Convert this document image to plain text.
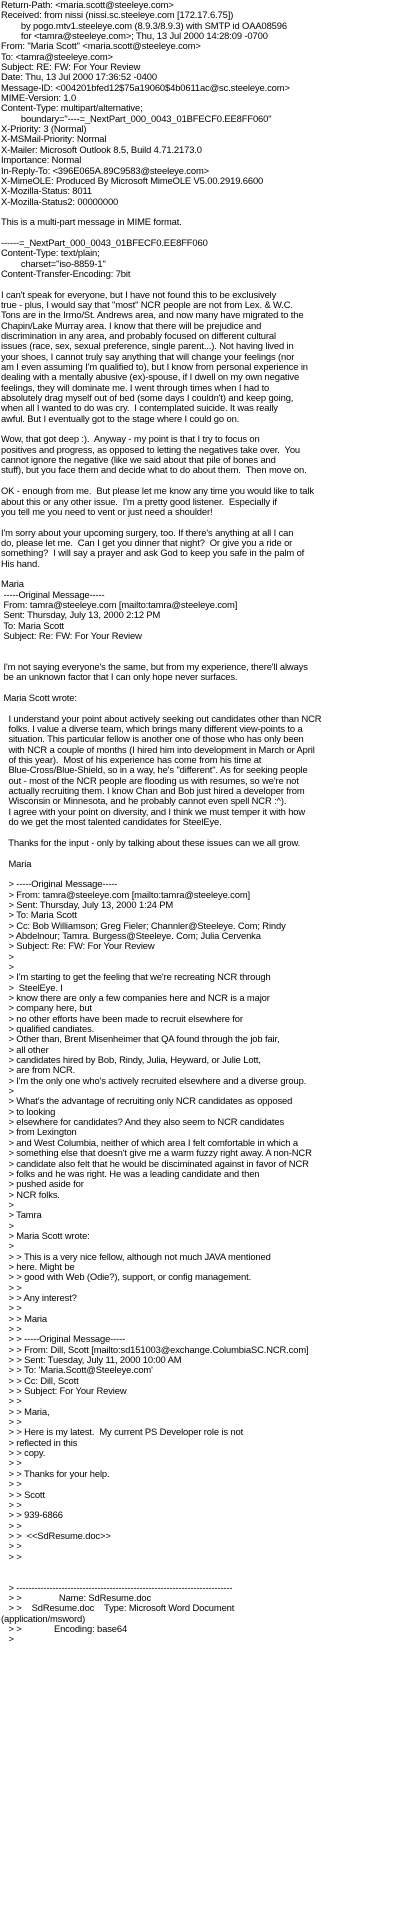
Return-Path: <maria.scott@steeleye.com>
Received: from nissi (nissi.sc.steeleye.com [172.17.6.75])
by pogo.mtv1.steeleye.com (8.9.3/8.9.3) with SMTP id OAA08596
for <tamra@steeleye.com>; Thu, 13 Jul 2000 14:28:09 -0700
From: "Maria Scott" <maria.scott@steeleye.com>
To: <tamra@steeleye.com>
Subject: RE: FW: For Your Review
Date: Thu, 13 Jul 2000 17:36:52 -0400
Message-ID: <004201bfed12$75a19060$4b0611ac@sc.steeleye.com>
MIME-Version: 1.0
Content-Type: multipart/alternative;
boundary="----=_NextPart_000_0043_01BFECF0.EE8FF060"
X-Priority: 3 (Normal)
X-MSMail-Priority: Normal
X-Mailer: Microsoft Outlook 8.5, Build 4.71.2173.0
Importance: Normal
In-Reply-To: <396E065A.89C9583@steeleye.com>
X-MimeOLE: Produced By Microsoft MimeOLE V5.00.2919.6600
X-Mozilla-Status: 8011
X-Mozilla-Status2: 00000000
This is a multi-part message in MIME format.
------=_NextPart_000_0043_01BFECF0.EE8FF060
Content-Type: text/plain;
charset="iso-8859-1"
Content-Transfer-Encoding: 7bit
I can't speak for everyone, but I have not found this to be exclusively
true - plus, I would say that "most" NCR people are not from Lex. & W.C.
Tons are in the Irmo/St. Andrews area, and now many have migrated to the
Chapin/Lake Murray area. I know that there will be prejudice and
discrimination in any area, and probably focused on different cultural
issues (race, sex, sexual preference, single parent...). Not having lived in
your shoes, I cannot truly say anything that will change your feelings (nor
am I even assuming I'm qualified to), but I know from personal experience in
dealing with a mentally abusive (ex)-spouse, if I dwell on my own negative
feelings, they will dominate me. I went through times when I had to
absolutely drag myself out of bed (some days I couldn't) and keep going,
when all I wanted to do was cry.  I contemplated suicide. It was really
awful. But I eventually got to the stage where I could go on.
Wow, that got deep :).  Anyway - my point is that I try to focus on
positives and progress, as opposed to letting the negatives take over.  You
cannot ignore the negative (like we said about that pile of bones and
stuff), but you face them and decide what to do about them.  Then move on.
OK - enough from me.  But please let me know any time you would like to talk
about this or any other issue.  I'm a pretty good listener.  Especially if
you tell me you need to vent or just need a shoulder!
I'm sorry about your upcoming surgery, too. If there's anything at all I can
do, please let me.  Can I get you dinner that night?  Or give you a ride or
something?  I will say a prayer and ask God to keep you safe in the palm of
His hand.
Maria
-----Original Message-----
From: tamra@steeleye.com [mailto:tamra@steeleye.com]
Sent: Thursday, July 13, 2000 2:12 PM
To: Maria Scott
Subject: Re: FW: For Your Review
I'm not saying everyone's the same, but from my experience, there'll always
be an unknown factor that I can only hope never surfaces.
Maria Scott wrote:
I understand your point about actively seeking out candidates other than NCR
folks. I value a diverse team, which brings many different view-points to a
situation. This particular fellow is another one of those who has only been
with NCR a couple of months (I hired him into development in March or April
of this year).  Most of his experience has come from his time at
Blue-Cross/Blue-Shield, so in a way, he's "different". As for seeking people
out - most of the NCR people are flooding us with resumes, so we're not
actually recruiting them. I know Chan and Bob just hired a developer from
Wisconsin or Minnesota, and he probably cannot even spell NCR :^).
I agree with your point on diversity, and I think we must temper it with how
do we get the most talented candidates for SteelEye.
Thanks for the input - only by talking about these issues can we all grow.
Maria
> -----Original Message-----
> From: tamra@steeleye.com [mailto:tamra@steeleye.com]
> Sent: Thursday, July 13, 2000 1:24 PM
> To: Maria Scott
> Cc: Bob Williamson; Greg Fieler; Channler@Steeleye. Com; Rindy
> Abdelnour; Tamra. Burgess@Steeleye. Com; Julia Cervenka
> Subject: Re: FW: For Your Review
>
>
> I'm starting to get the feeling that we're recreating NCR through
>  SteelEye. I
> know there are only a few companies here and NCR is a major
> company here, but
> no other efforts have been made to recruit elsewhere for
> qualified candiates.
> Other than, Brent Misenheimer that QA found through the job fair,
> all other
> candidates hired by Bob, Rindy, Julia, Heyward, or Julie Lott,
> are from NCR.
> I'm the only one who's actively recruited elsewhere and a diverse group.
>
> What's the advantage of recruiting only NCR candidates as opposed
> to looking
> elsewhere for candidates? And they also seem to NCR candidates
> from Lexington
> and West Columbia, neither of which area I felt comfortable in which a
> something else that doesn't give me a warm fuzzy right away. A non-NCR
> candidate also felt that he would be disciminated against in favor of NCR
> folks and he was right. He was a leading candidate and then
> pushed aside for
> NCR folks.
>
> Tamra
>
> Maria Scott wrote:
>
> > This is a very nice fellow, although not much JAVA mentioned
> here. Might be
> > good with Web (Odie?), support, or config management.
> >
> > Any interest?
> >
> > Maria
> >
> > -----Original Message-----
> > From: Dill, Scott [mailto:sd151003@exchange.ColumbiaSC.NCR.com]
> > Sent: Tuesday, July 11, 2000 10:00 AM
> > To: 'Maria.Scott@Steeleye.com'
> > Cc: Dill, Scott
> > Subject: For Your Review
> >
> > Maria,
> >
> > Here is my latest.  My current PS Developer role is not
> reflected in this
> > copy.
> >
> > Thanks for your help.
> >
> > Scott
> >
> > 939-6866
> >
> >  <<SdResume.doc>>
> >
> >
> ------------------------------------------------------------------------
> >               Name: SdResume.doc
> >    SdResume.doc    Type: Microsoft Word Document
(application/msword)
> >             Encoding: base64
>
